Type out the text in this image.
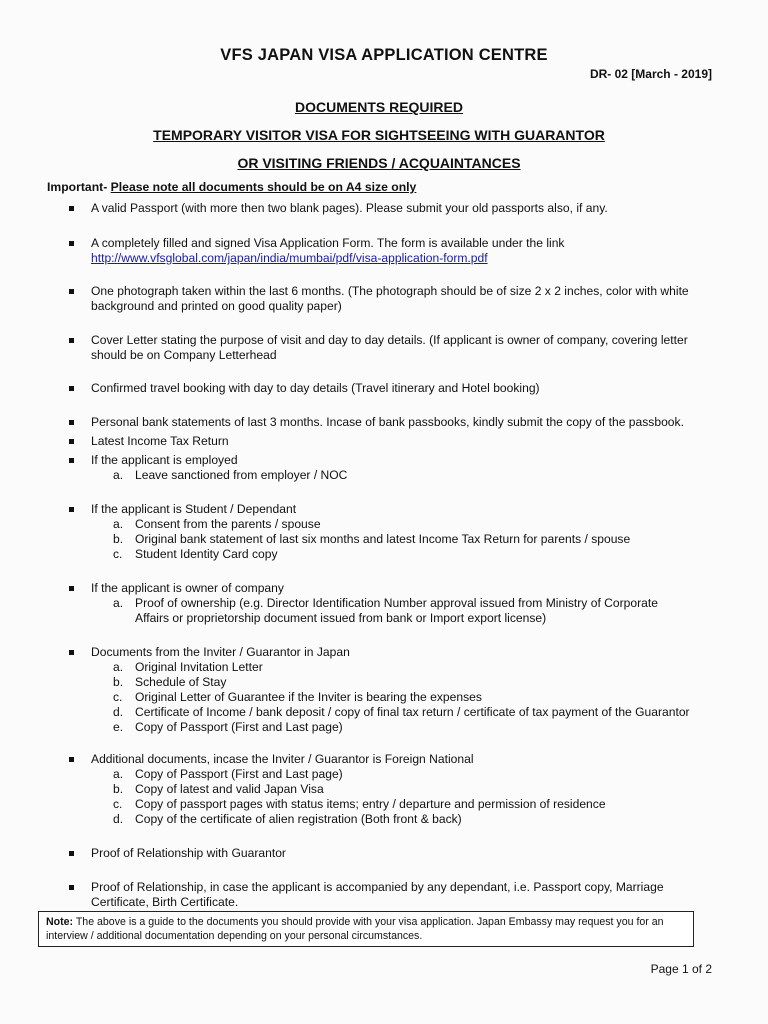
VFS JAPAN VISA APPLICATION CENTRE
DR- 02 [March - 2019]
DOCUMENTS REQUIRED
TEMPORARY VISITOR VISA FOR SIGHTSEEING WITH GUARANTOR
OR VISITING FRIENDS / ACQUAINTANCES
Important- Please note all documents should be on A4 size only
A valid Passport (with more then two blank pages). Please submit your old passports also, if any.
A completely filled and signed Visa Application Form. The form is available under the link
http://www.vfsglobal.com/japan/india/mumbai/pdf/visa-application-form.pdf
One photograph taken within the last 6 months. (The photograph should be of size 2 x 2 inches, color with white
background and printed on good quality paper)
Cover Letter stating the purpose of visit and day to day details. (If applicant is owner of company, covering letter
should be on Company Letterhead
Confirmed travel booking with day to day details (Travel itinerary and Hotel booking)
Personal bank statements of last 3 months. Incase of bank passbooks, kindly submit the copy of the passbook.
Latest Income Tax Return
If the applicant is employed
a. Leave sanctioned from employer / NOC
If the applicant is Student / Dependant
a. Consent from the parents / spouse
b. Original bank statement of last six months and latest Income Tax Return for parents / spouse
c.	Student Identity Card copy
If the applicant is owner of company
a. Proof of ownership (e.g. Director Identification Number approval issued from Ministry of Corporate
Affairs or proprietorship document issued from bank or Import export license)
Documents from the Inviter / Guarantor in Japan
a. Original Invitation Letter
b. Schedule of Stay
c.	Original Letter of Guarantee if the Inviter is bearing the expenses
d. Certificate of Income / bank deposit / copy of final tax return / certificate of tax payment of the Guarantor
e. Copy of Passport (First and Last page)
Additional documents, incase the Inviter / Guarantor is Foreign National
a. Copy of Passport (First and Last page)
b. Copy of latest and valid Japan Visa
c.	Copy of passport pages with status items; entry / departure and permission of residence
d. Copy of the certificate of alien registration (Both front & back)
Proof of Relationship with Guarantor
Proof of Relationship, in case the applicant is accompanied by any dependant, i.e. Passport copy, Marriage
Certificate, Birth Certificate.
Note: The above is a guide to the documents you should provide with your visa application. Japan Embassy may request you for an interview / additional documentation depending on your personal circumstances.
Page 1 of 2
